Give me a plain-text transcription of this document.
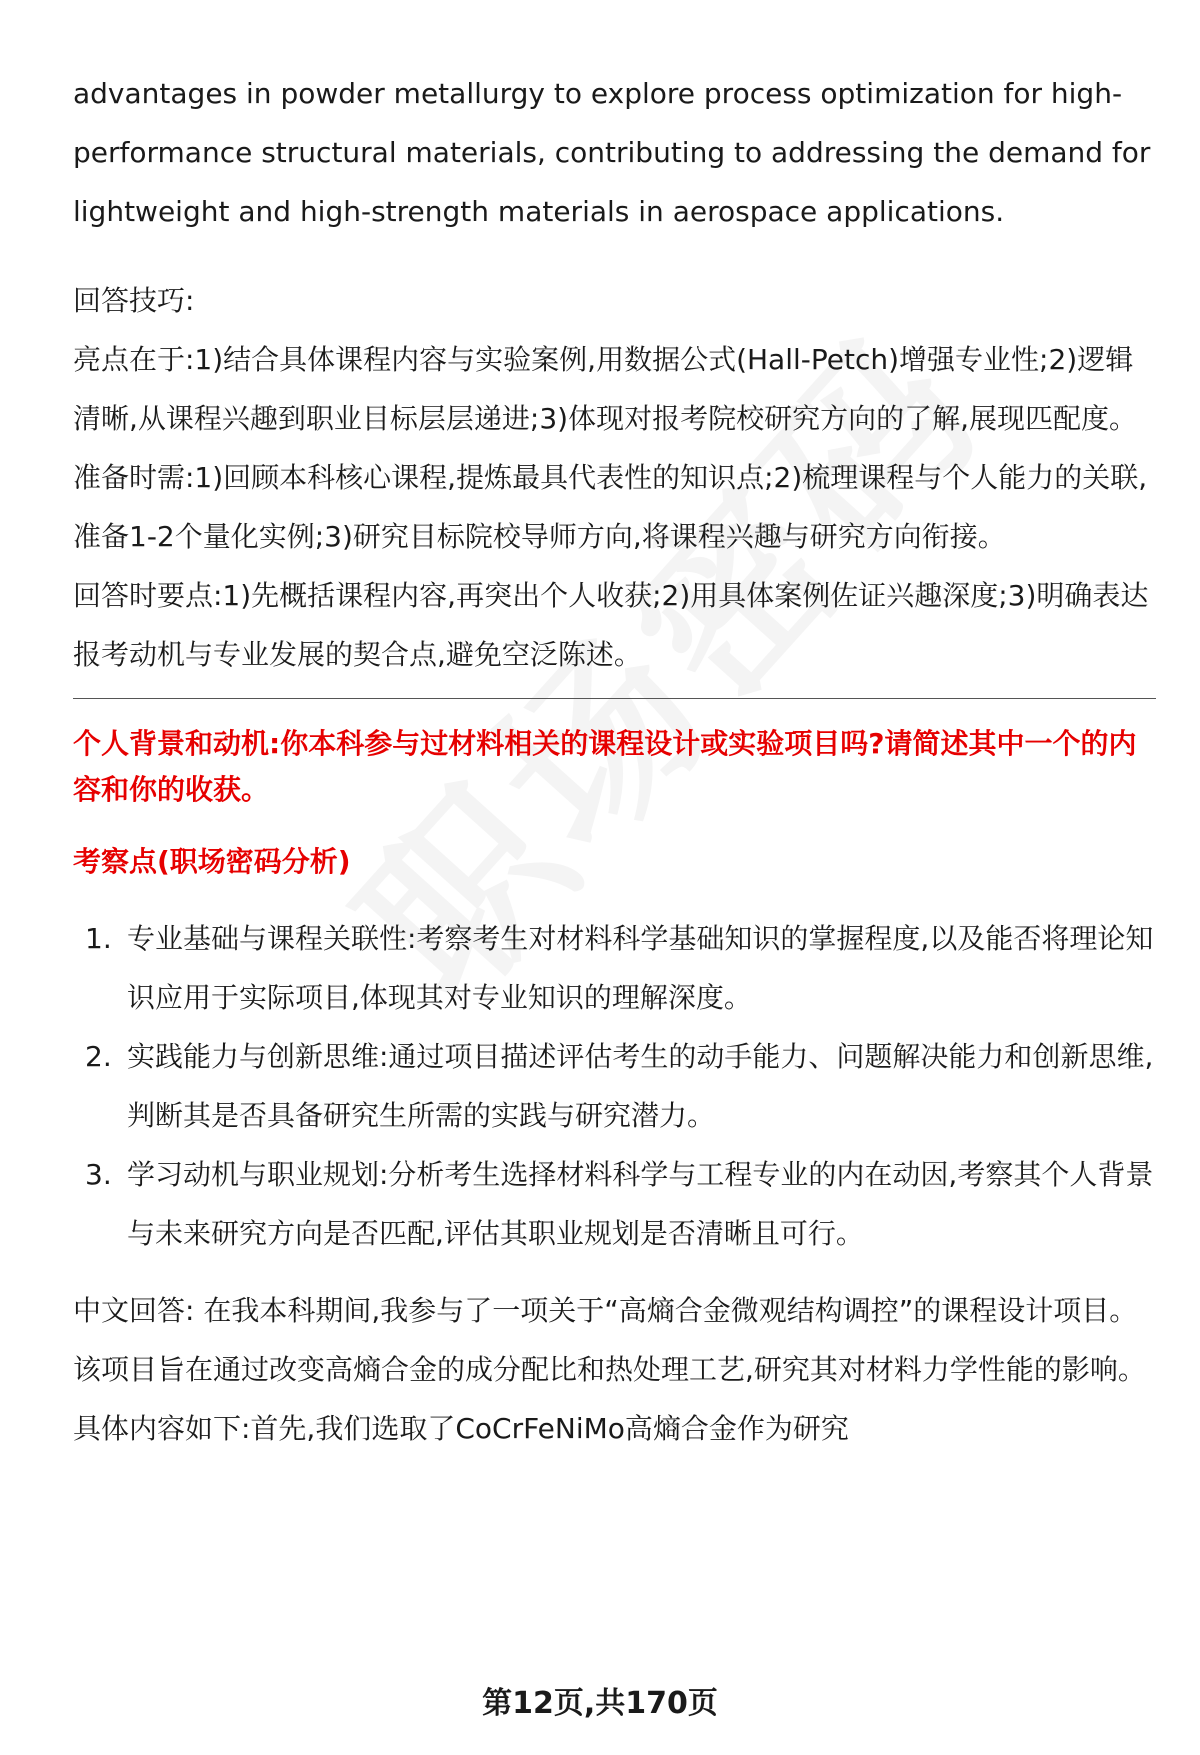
advantages in powder metallurgy to explore process optimization for high-performance structural materials, contributing to addressing the demand for lightweight and high-strength materials in aerospace applications.

回答技巧:

亮点在于:1)结合具体课程内容与实验案例,用数据公式(Hall-Petch)增强专业性;2)逻辑清晰,从课程兴趣到职业目标层层递进;3)体现对报考院校研究方向的了解,展现匹配度。

准备时需:1)回顾本科核心课程,提炼最具代表性的知识点;2)梳理课程与个人能力的关联,准备1-2个量化实例;3)研究目标院校导师方向,将课程兴趣与研究方向衔接。

回答时要点:1)先概括课程内容,再突出个人收获;2)用具体案例佐证兴趣深度;3)明确表达报考动机与专业发展的契合点,避免空泛陈述。

个人背景和动机:你本科参与过材料相关的课程设计或实验项目吗?请简述其中一个的内容和你的收获。

考察点(职场密码分析)

1. 专业基础与课程关联性:考察考生对材料科学基础知识的掌握程度,以及能否将理论知识应用于实际项目,体现其对专业知识的理解深度。
2. 实践能力与创新思维:通过项目描述评估考生的动手能力、问题解决能力和创新思维,判断其是否具备研究生所需的实践与研究潜力。
3. 学习动机与职业规划:分析考生选择材料科学与工程专业的内在动因,考察其个人背景与未来研究方向是否匹配,评估其职业规划是否清晰且可行。

中文回答: 在我本科期间,我参与了一项关于“高熵合金微观结构调控”的课程设计项目。该项目旨在通过改变高熵合金的成分配比和热处理工艺,研究其对材料力学性能的影响。具体内容如下:首先,我们选取了CoCrFeNiMo高熵合金作为研究

第12页,共170页
